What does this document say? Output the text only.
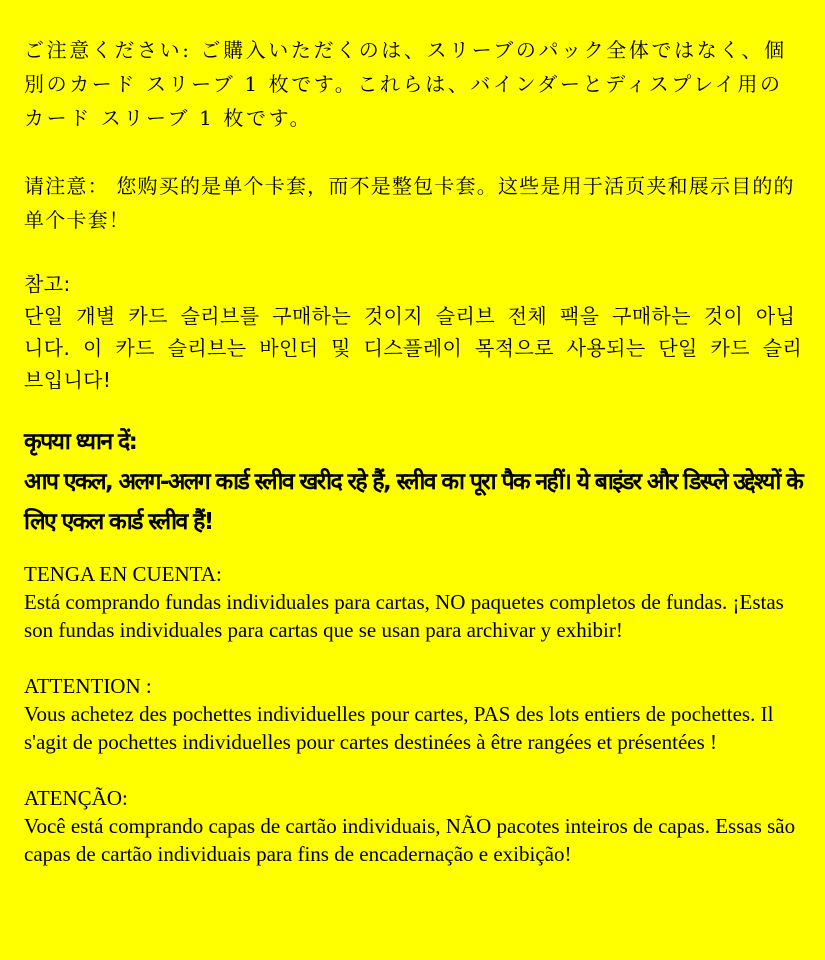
ご注意ください: ご購入いただくのは、スリーブのパック全体ではなく、個別のカード スリーブ 1 枚です。これらは、バインダーとディスプレイ用のカード スリーブ 1 枚です。

请注意： 您购买的是单个卡套，而不是整包卡套。这些是用于活页夹和展示目的的 单个卡套！

참고:

단일 개별 카드 슬리브를 구매하는 것이지 슬리브 전체 팩을 구매하는 것이 아닙니다. 이 카드 슬리브는 바인더 및 디스플레이 목적으로 사용되는 단일 카드 슬리브입니다!

कृपया ध्यान दें:

आप एकल, अलग-अलग कार्ड स्लीव खरीद रहे हैं, स्लीव का पूरा पैक नहीं। ये बाइंडर और डिस्प्ले उद्देश्यों के लिए एकल कार्ड स्लीव हैं!

TENGA EN CUENTA:

Está comprando fundas individuales para cartas, NO paquetes completos de fundas. ¡Estas son fundas individuales para cartas que se usan para archivar y exhibir!

ATTENTION :

Vous achetez des pochettes individuelles pour cartes, PAS des lots entiers de pochettes. Il s'agit de pochettes individuelles pour cartes destinées à être rangées et présentées !

ATENÇÃO:

Você está comprando capas de cartão individuais, NÃO pacotes inteiros de capas. Essas são capas de cartão individuais para fins de encadernação e exibição!
